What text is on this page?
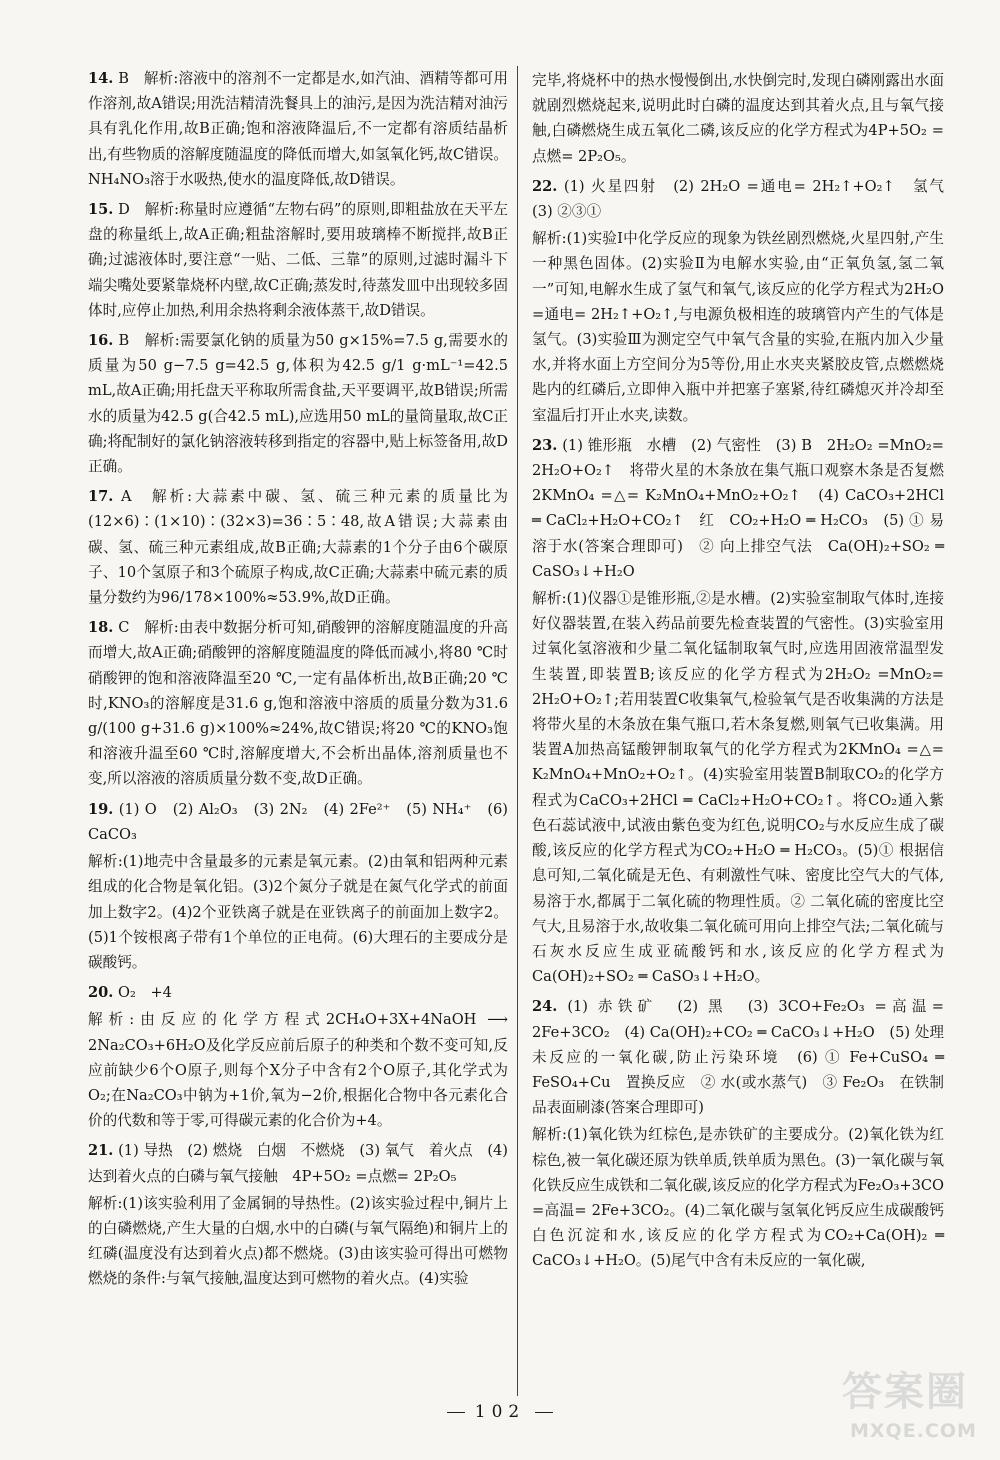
14. B　解析:溶液中的溶剂不一定都是水,如汽油、酒精等都可用作溶剂,故A错误;用洗洁精清洗餐具上的油污,是因为洗洁精对油污具有乳化作用,故B正确;饱和溶液降温后,不一定都有溶质结晶析出,有些物质的溶解度随温度的降低而增大,如氢氧化钙,故C错误。NH₄NO₃溶于水吸热,使水的温度降低,故D错误。
15. D　解析:称量时应遵循“左物右码”的原则,即粗盐放在天平左盘的称量纸上,故A正确;粗盐溶解时,要用玻璃棒不断搅拌,故B正确;过滤液体时,要注意“一贴、二低、三靠”的原则,过滤时漏斗下端尖嘴处要紧靠烧杯内壁,故C正确;蒸发时,待蒸发皿中出现较多固体时,应停止加热,利用余热将剩余液体蒸干,故D错误。
16. B　解析:需要氯化钠的质量为50 g×15%=7.5 g,需要水的质量为50 g−7.5 g=42.5 g,体积为42.5 g/1 g·mL⁻¹=42.5 mL,故A正确;用托盘天平称取所需食盐,天平要调平,故B错误;所需水的质量为42.5 g(合42.5 mL),应选用50 mL的量筒量取,故C正确;将配制好的氯化钠溶液转移到指定的容器中,贴上标签备用,故D正确。
17. A　解析:大蒜素中碳、氢、硫三种元素的质量比为(12×6)∶(1×10)∶(32×3)=36∶5∶48,故A错误;大蒜素由碳、氢、硫三种元素组成,故B正确;大蒜素的1个分子由6个碳原子、10个氢原子和3个硫原子构成,故C正确;大蒜素中硫元素的质量分数约为96/178×100%≈53.9%,故D正确。
18. C　解析:由表中数据分析可知,硝酸钾的溶解度随温度的升高而增大,故A正确;硝酸钾的溶解度随温度的降低而减小,将80 ℃时硝酸钾的饱和溶液降温至20 ℃,一定有晶体析出,故B正确;20 ℃时,KNO₃的溶解度是31.6 g,饱和溶液中溶质的质量分数为31.6 g/(100 g+31.6 g)×100%≈24%,故C错误;将20 ℃的KNO₃饱和溶液升温至60 ℃时,溶解度增大,不会析出晶体,溶剂质量也不变,所以溶液的溶质质量分数不变,故D正确。
19. (1) O　(2) Al₂O₃　(3) 2N₂　(4) 2Fe²⁺　(5) NH₄⁺　(6) CaCO₃
解析:(1)地壳中含量最多的元素是氧元素。(2)由氧和铝两种元素组成的化合物是氧化铝。(3)2个氮分子就是在氮气化学式的前面加上数字2。(4)2个亚铁离子就是在亚铁离子的前面加上数字2。(5)1个铵根离子带有1个单位的正电荷。(6)大理石的主要成分是碳酸钙。
20. O₂　+4
解析:由反应的化学方程式2CH₄O+3X+4NaOH ⟶ 2Na₂CO₃+6H₂O及化学反应前后原子的种类和个数不变可知,反应前缺少6个O原子,则每个X分子中含有2个O原子,其化学式为O₂;在Na₂CO₃中钠为+1价,氧为−2价,根据化合物中各元素化合价的代数和等于零,可得碳元素的化合价为+4。
21. (1) 导热　(2) 燃烧　白烟　不燃烧　(3) 氧气　着火点　(4) 达到着火点的白磷与氧气接触　4P+5O₂ =点燃= 2P₂O₅
解析:(1)该实验利用了金属铜的导热性。(2)该实验过程中,铜片上的白磷燃烧,产生大量的白烟,水中的白磷(与氧气隔绝)和铜片上的红磷(温度没有达到着火点)都不燃烧。(3)由该实验可得出可燃物燃烧的条件:与氧气接触,温度达到可燃物的着火点。(4)实验
完毕,将烧杯中的热水慢慢倒出,水快倒完时,发现白磷刚露出水面就剧烈燃烧起来,说明此时白磷的温度达到其着火点,且与氧气接触,白磷燃烧生成五氧化二磷,该反应的化学方程式为4P+5O₂ =点燃= 2P₂O₅。
22. (1) 火星四射　(2) 2H₂O =通电= 2H₂↑+O₂↑　氢气　(3) ②③①
解析:(1)实验Ⅰ中化学反应的现象为铁丝剧烈燃烧,火星四射,产生一种黑色固体。(2)实验Ⅱ为电解水实验,由“正氧负氢,氢二氧一”可知,电解水生成了氢气和氧气,该反应的化学方程式为2H₂O =通电= 2H₂↑+O₂↑,与电源负极相连的玻璃管内产生的气体是氢气。(3)实验Ⅲ为测定空气中氧气含量的实验,在瓶内加入少量水,并将水面上方空间分为5等份,用止水夹夹紧胶皮管,点燃燃烧匙内的红磷后,立即伸入瓶中并把塞子塞紧,待红磷熄灭并冷却至室温后打开止水夹,读数。
23. (1) 锥形瓶　水槽　(2) 气密性　(3) B　2H₂O₂ =MnO₂= 2H₂O+O₂↑　将带火星的木条放在集气瓶口观察木条是否复燃　2KMnO₄ =△= K₂MnO₄+MnO₂+O₂↑　(4) CaCO₃+2HCl ═ CaCl₂+H₂O+CO₂↑　红　CO₂+H₂O ═ H₂CO₃　(5) ① 易溶于水(答案合理即可)　② 向上排空气法　Ca(OH)₂+SO₂ ═ CaSO₃↓+H₂O
解析:(1)仪器①是锥形瓶,②是水槽。(2)实验室制取气体时,连接好仪器装置,在装入药品前要先检查装置的气密性。(3)实验室用过氧化氢溶液和少量二氧化锰制取氧气时,应选用固液常温型发生装置,即装置B;该反应的化学方程式为2H₂O₂ =MnO₂= 2H₂O+O₂↑;若用装置C收集氧气,检验氧气是否收集满的方法是将带火星的木条放在集气瓶口,若木条复燃,则氧气已收集满。用装置A加热高锰酸钾制取氧气的化学方程式为2KMnO₄ =△= K₂MnO₄+MnO₂+O₂↑。(4)实验室用装置B制取CO₂的化学方程式为CaCO₃+2HCl ═ CaCl₂+H₂O+CO₂↑。将CO₂通入紫色石蕊试液中,试液由紫色变为红色,说明CO₂与水反应生成了碳酸,该反应的化学方程式为CO₂+H₂O ═ H₂CO₃。(5)① 根据信息可知,二氧化硫是无色、有刺激性气味、密度比空气大的气体,易溶于水,都属于二氧化硫的物理性质。② 二氧化硫的密度比空气大,且易溶于水,故收集二氧化硫可用向上排空气法;二氧化硫与石灰水反应生成亚硫酸钙和水,该反应的化学方程式为Ca(OH)₂+SO₂ ═ CaSO₃↓+H₂O。
24. (1) 赤铁矿　(2) 黑　(3) 3CO+Fe₂O₃ =高温= 2Fe+3CO₂　(4) Ca(OH)₂+CO₂ ═ CaCO₃↓+H₂O　(5) 处理未反应的一氧化碳,防止污染环境　(6) ① Fe+CuSO₄ ═ FeSO₄+Cu　置换反应　② 水(或水蒸气)　③ Fe₂O₃　在铁制品表面刷漆(答案合理即可)
解析:(1)氧化铁为红棕色,是赤铁矿的主要成分。(2)氧化铁为红棕色,被一氧化碳还原为铁单质,铁单质为黑色。(3)一氧化碳与氧化铁反应生成铁和二氧化碳,该反应的化学方程式为Fe₂O₃+3CO =高温= 2Fe+3CO₂。(4)二氧化碳与氢氧化钙反应生成碳酸钙白色沉淀和水,该反应的化学方程式为CO₂+Ca(OH)₂ ═ CaCO₃↓+H₂O。(5)尾气中含有未反应的一氧化碳,
102	答案圈
MXQE.COM
